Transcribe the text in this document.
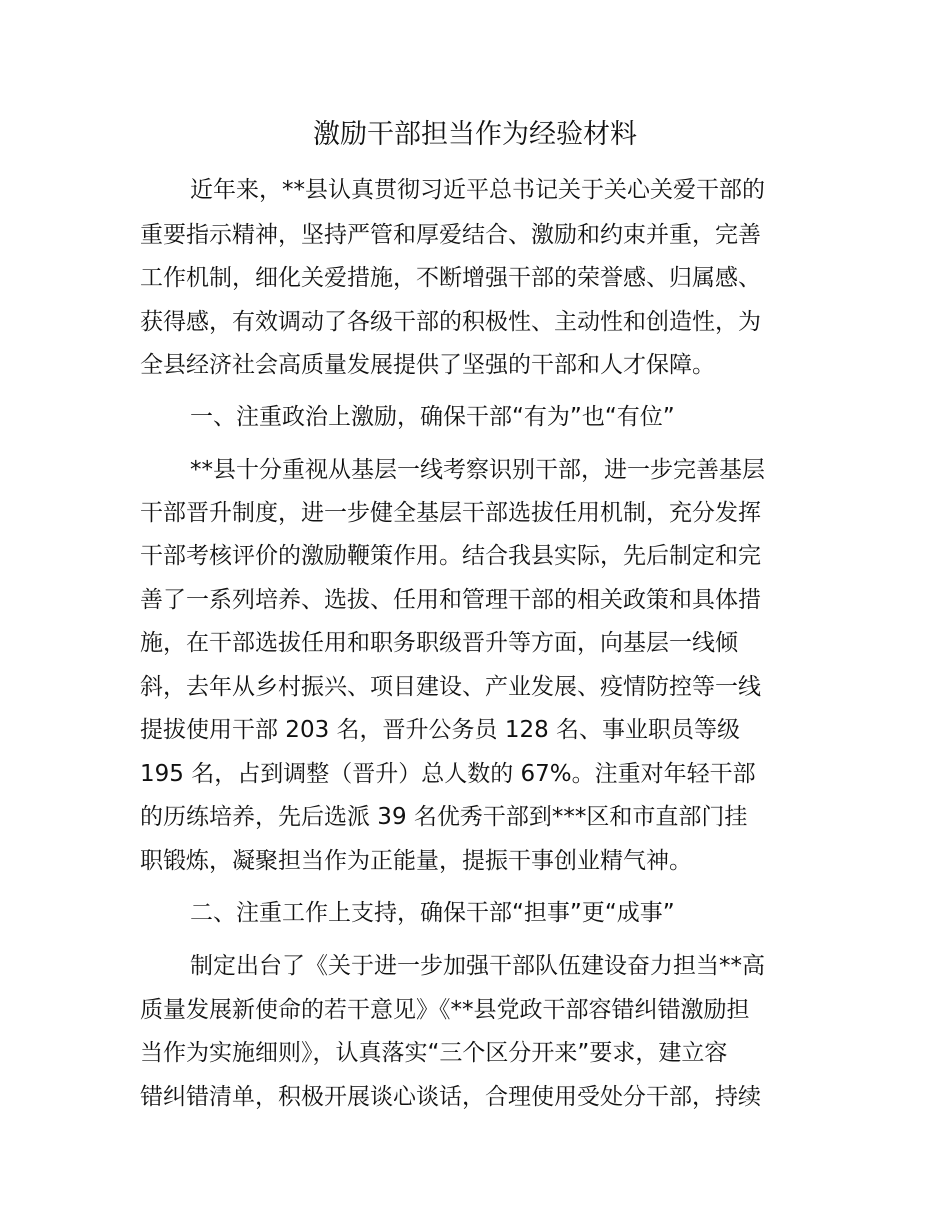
激励干部担当作为经验材料
近年来，**县认真贯彻习近平总书记关于关心关爱干部的
重要指示精神，坚持严管和厚爱结合、激励和约束并重，完善
工作机制，细化关爱措施，不断增强干部的荣誉感、归属感、
获得感，有效调动了各级干部的积极性、主动性和创造性，为
全县经济社会高质量发展提供了坚强的干部和人才保障。
一、注重政治上激励，确保干部“有为”也“有位”
**县十分重视从基层一线考察识别干部，进一步完善基层
干部晋升制度，进一步健全基层干部选拔任用机制，充分发挥
干部考核评价的激励鞭策作用。结合我县实际，先后制定和完
善了一系列培养、选拔、任用和管理干部的相关政策和具体措
施，在干部选拔任用和职务职级晋升等方面，向基层一线倾
斜，去年从乡村振兴、项目建设、产业发展、疫情防控等一线
提拔使用干部 203 名，晋升公务员 128 名、事业职员等级
195 名，占到调整（晋升）总人数的 67%。注重对年轻干部
的历练培养，先后选派 39 名优秀干部到***区和市直部门挂
职锻炼，凝聚担当作为正能量，提振干事创业精气神。
二、注重工作上支持，确保干部“担事”更“成事”
制定出台了《关于进一步加强干部队伍建设奋力担当**高
质量发展新使命的若干意见》《**县党政干部容错纠错激励担
当作为实施细则》，认真落实“三个区分开来”要求，建立容
错纠错清单，积极开展谈心谈话，合理使用受处分干部，持续
